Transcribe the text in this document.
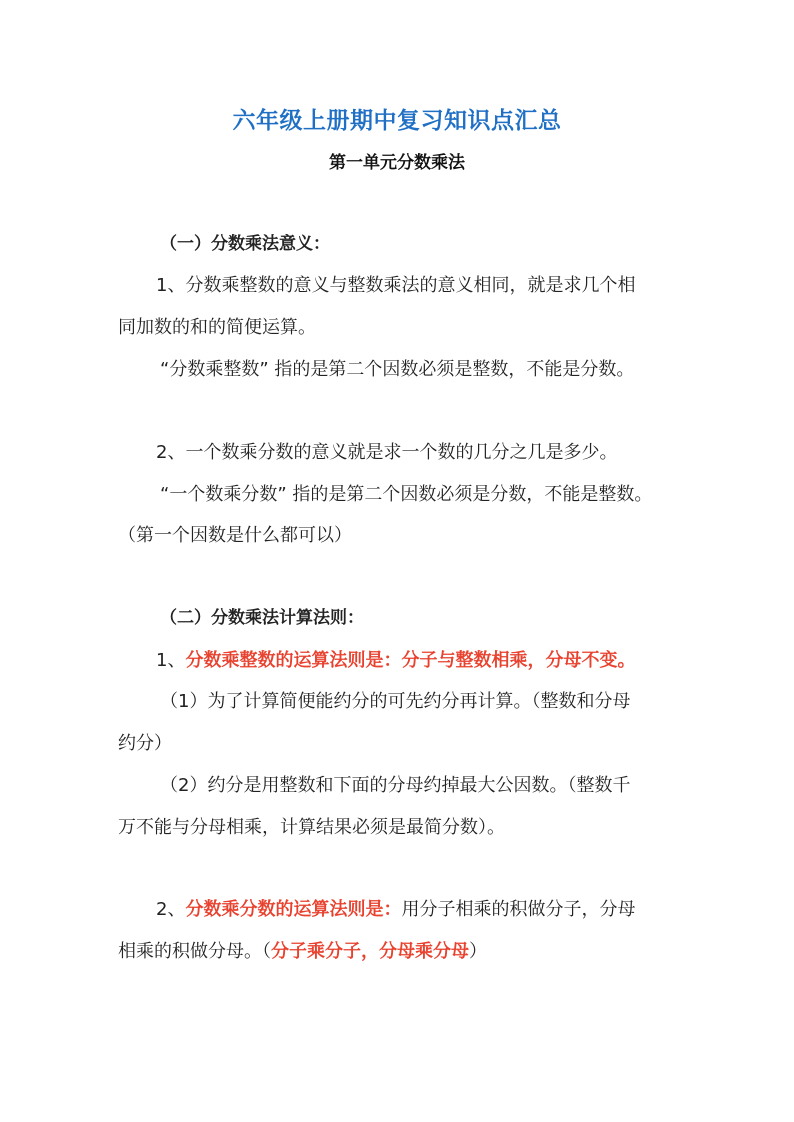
六年级上册期中复习知识点汇总
第一单元分数乘法
（一）分数乘法意义：
1、分数乘整数的意义与整数乘法的意义相同，就是求几个相
同加数的和的简便运算。
“分数乘整数” 指的是第二个因数必须是整数，不能是分数。
2、一个数乘分数的意义就是求一个数的几分之几是多少。
“一个数乘分数” 指的是第二个因数必须是分数，不能是整数。
（第一个因数是什么都可以）
（二）分数乘法计算法则：
1、分数乘整数的运算法则是：分子与整数相乘，分母不变。
（1）为了计算简便能约分的可先约分再计算。（整数和分母
约分）
（2）约分是用整数和下面的分母约掉最大公因数。（整数千
万不能与分母相乘，计算结果必须是最简分数）。
2、分数乘分数的运算法则是：用分子相乘的积做分子，分母
相乘的积做分母。（分子乘分子，分母乘分母）
